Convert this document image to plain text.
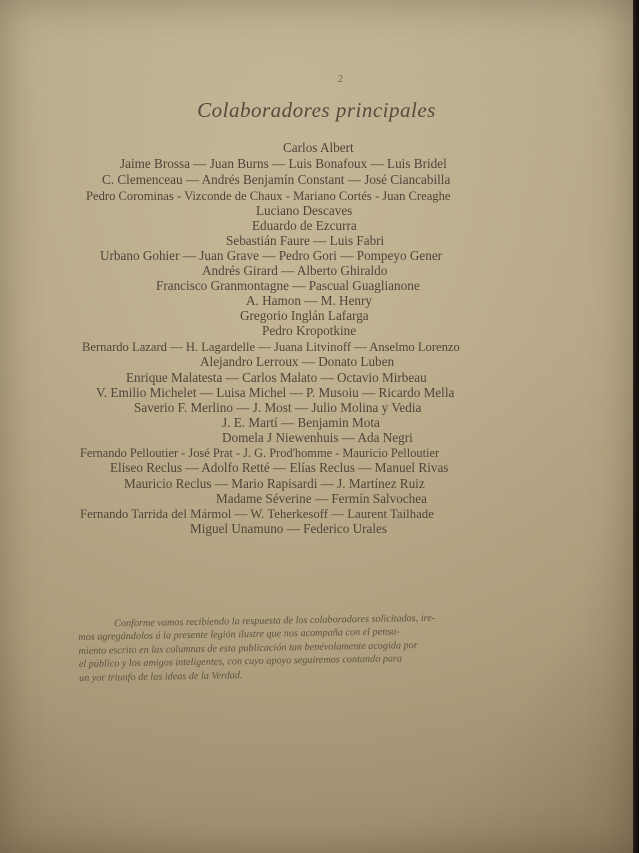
2
Colaboradores principales
Carlos Albert
Jaime Brossa — Juan Burns — Luis Bonafoux — Luis Bridel
C. Clemenceau — Andrés Benjamín Constant — José Ciancabilla
Pedro Corominas - Vizconde de Chaux - Mariano Cortés - Juan Creaghe
Luciano Descaves
Eduardo de Ezcurra
Sebastián Faure — Luis Fabri
Urbano Gohier — Juan Grave — Pedro Gori — Pompeyo Gener
Andrés Girard — Alberto Ghiraldo
Francisco Granmontagne — Pascual Guaglianone
A. Hamon — M. Henry
Gregorio Inglán Lafarga
Pedro Kropotkine
Bernardo Lazard — H. Lagardelle — Juana Litvinoff — Anselmo Lorenzo
Alejandro Lerroux — Donato Luben
Enrique Malatesta — Carlos Malato — Octavio Mirbeau
V. Emilio Michelet — Luisa Michel — P. Musoiu — Ricardo Mella
Saverio F. Merlino — J. Most — Julio Molina y Vedia
J. E. Martí — Benjamin Mota
Domela J Niewenhuis — Ada Negri
Fernando Pelloutier - José Prat - J. G. Prod'homme - Mauricio Pelloutier
Eliseo Reclus — Adolfo Retté — Elías Reclus — Manuel Rivas
Mauricio Reclus — Mario Rapisardi — J. Martínez Ruiz
Madame Séverine — Fermín Salvochea
Fernando Tarrida del Mármol — W. Teherkesoff — Laurent Tailhade
Miguel Unamuno — Federico Urales
Conforme vamos recibiendo la respuesta de los colaboradores solicitados, ire-
mos agregándolos á la presente legión ilustre que nos acompaña con el pensa-
miento escrito en las columnas de esta publicación tan benévolamente acogida por
el público y los amigos inteligentes, con cuyo apoyo seguiremos contando para
un yor triunfo de las ideas de la Verdad.
